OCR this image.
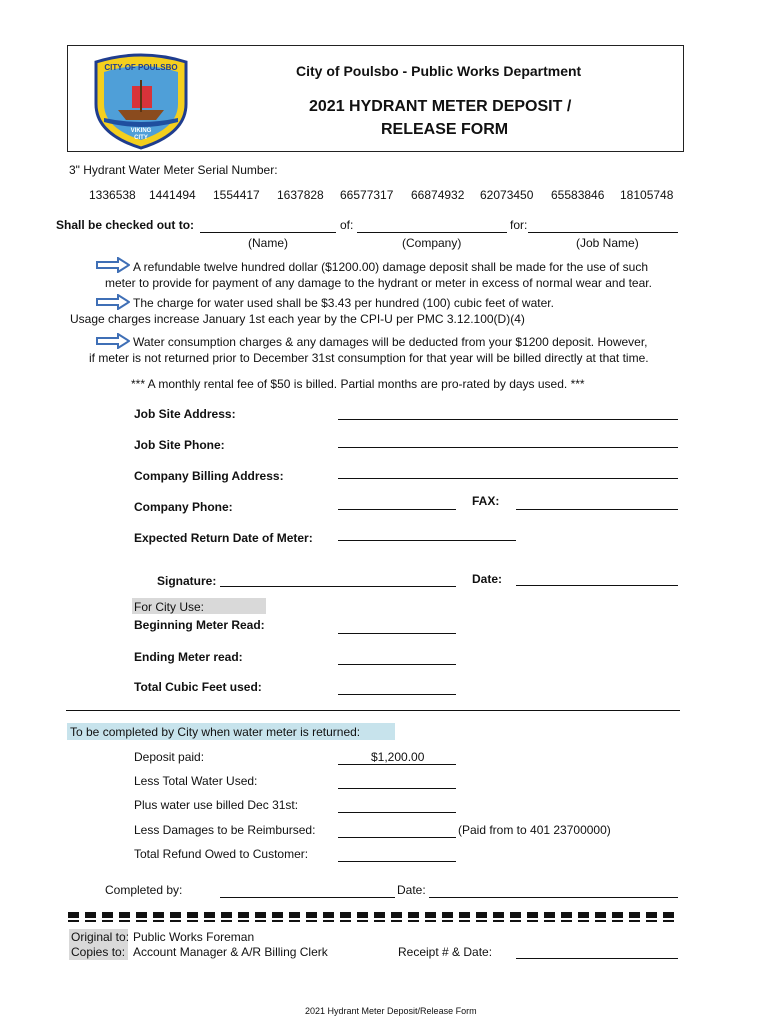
CITY OF POULSBO
VIKING
CITY
City of Poulsbo - Public Works Department
2021 HYDRANT METER DEPOSIT /
RELEASE FORM
3" Hydrant Water Meter Serial Number:
1336538 1441494 1554417 1637828 66577317 66874932 62073450 65583846 18105748
Shall be checked out to:	of:	for:
(Name)	(Company)	(Job Name)
A refundable twelve hundred dollar ($1200.00) damage deposit shall be made for the use of such
meter to provide for payment of any damage to the hydrant or meter in excess of normal wear and tear.
The charge for water used shall be $3.43 per hundred (100) cubic feet of water.
Usage charges increase January 1st each year by the CPI-U per PMC 3.12.100(D)(4)
Water consumption charges & any damages will be deducted from your $1200 deposit. However,
if meter is not returned prior to December 31st consumption for that year will be billed directly at that time.
*** A monthly rental fee of $50 is billed. Partial months are pro-rated by days used. ***
Job Site Address:
Job Site Phone:
Company Billing Address:
Company Phone:	FAX:
Expected Return Date of Meter:
Signature:	Date:
For City Use:
Beginning Meter Read:
Ending Meter read:
Total Cubic Feet used:
To be completed by City when water meter is returned:
Deposit paid:	$1,200.00
Less Total Water Used:
Plus water use billed Dec 31st:
Less Damages to be Reimbursed:	(Paid from to 401 23700000)
Total Refund Owed to Customer:
Completed by:	Date:
Original to: Public Works Foreman
Copies to: Account Manager & A/R Billing Clerk	Receipt # & Date:
2021 Hydrant Meter Deposit/Release Form
